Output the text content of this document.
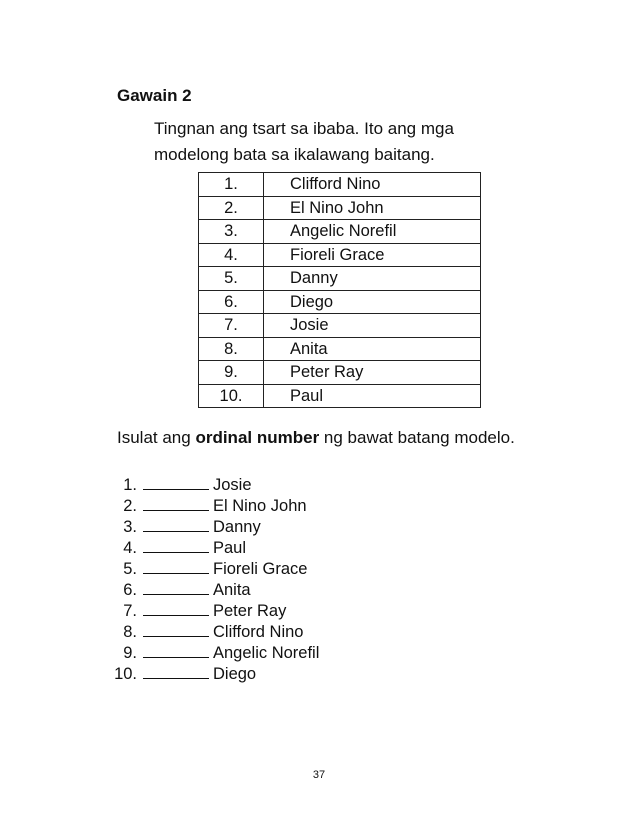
Gawain 2

Tingnan ang tsart sa ibaba. Ito ang mga
modelong bata sa ikalawang baitang.

1.	Clifford Nino
2.	El Nino John
3.	Angelic Norefil
4.	Fioreli Grace
5.	Danny
6.	Diego
7.	Josie
8.	Anita
9.	Peter Ray
10.	Paul

Isulat ang ordinal number ng bawat batang modelo.

1.	Josie
2.	El Nino John
3.	Danny
4.	Paul
5.	Fioreli Grace
6.	Anita
7.	Peter Ray
8.	Clifford Nino
9.	Angelic Norefil
10.	Diego
37
